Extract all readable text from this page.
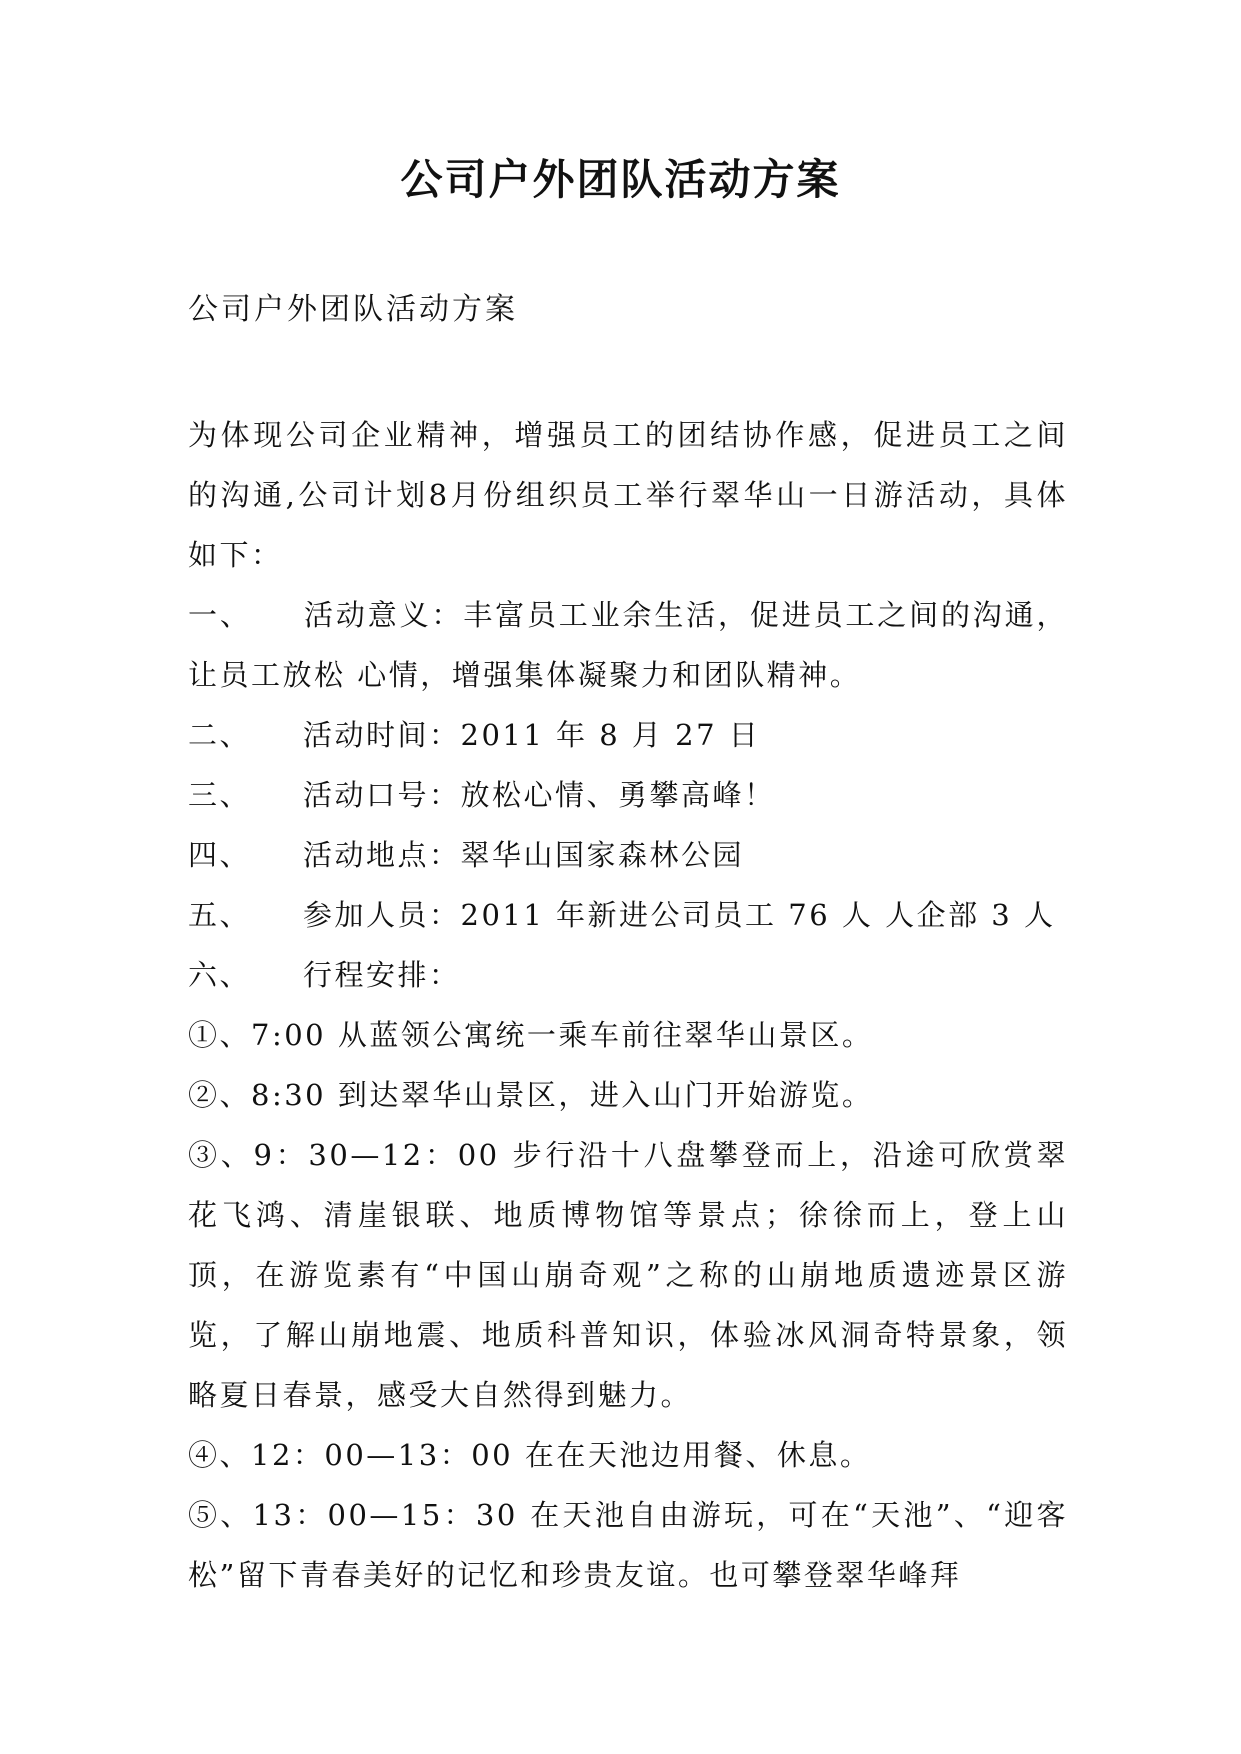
公司户外团队活动方案
公司户外团队活动方案

为体现公司企业精神，增强员工的团结协作感，促进员工之间的沟通,公司计划8月份组织员工举行翠华山一日游活动，具体如下：

一、 活动意义：丰富员工业余生活，促进员工之间的沟通，让员工放松 心情，增强集体凝聚力和团队精神。

二、 活动时间：2011 年 8 月 27 日

三、 活动口号：放松心情、勇攀高峰！

四、 活动地点：翠华山国家森林公园

五、 参加人员：2011 年新进公司员工 76 人 人企部 3 人

六、 行程安排：

①、7:00 从蓝领公寓统一乘车前往翠华山景区。

②、8:30 到达翠华山景区，进入山门开始游览。

③、9：30—12：00 步行沿十八盘攀登而上，沿途可欣赏翠花飞鸿、清崖银联、地质博物馆等景点；徐徐而上，登上山顶，在游览素有“中国山崩奇观”之称的山崩地质遗迹景区游览，了解山崩地震、地质科普知识，体验冰风洞奇特景象，领略夏日春景，感受大自然得到魅力。

④、12：00—13：00 在在天池边用餐、休息。

⑤、13：00—15：30 在天池自由游玩，可在“天池”、“迎客松”留下青春美好的记忆和珍贵友谊。也可攀登翠华峰拜
